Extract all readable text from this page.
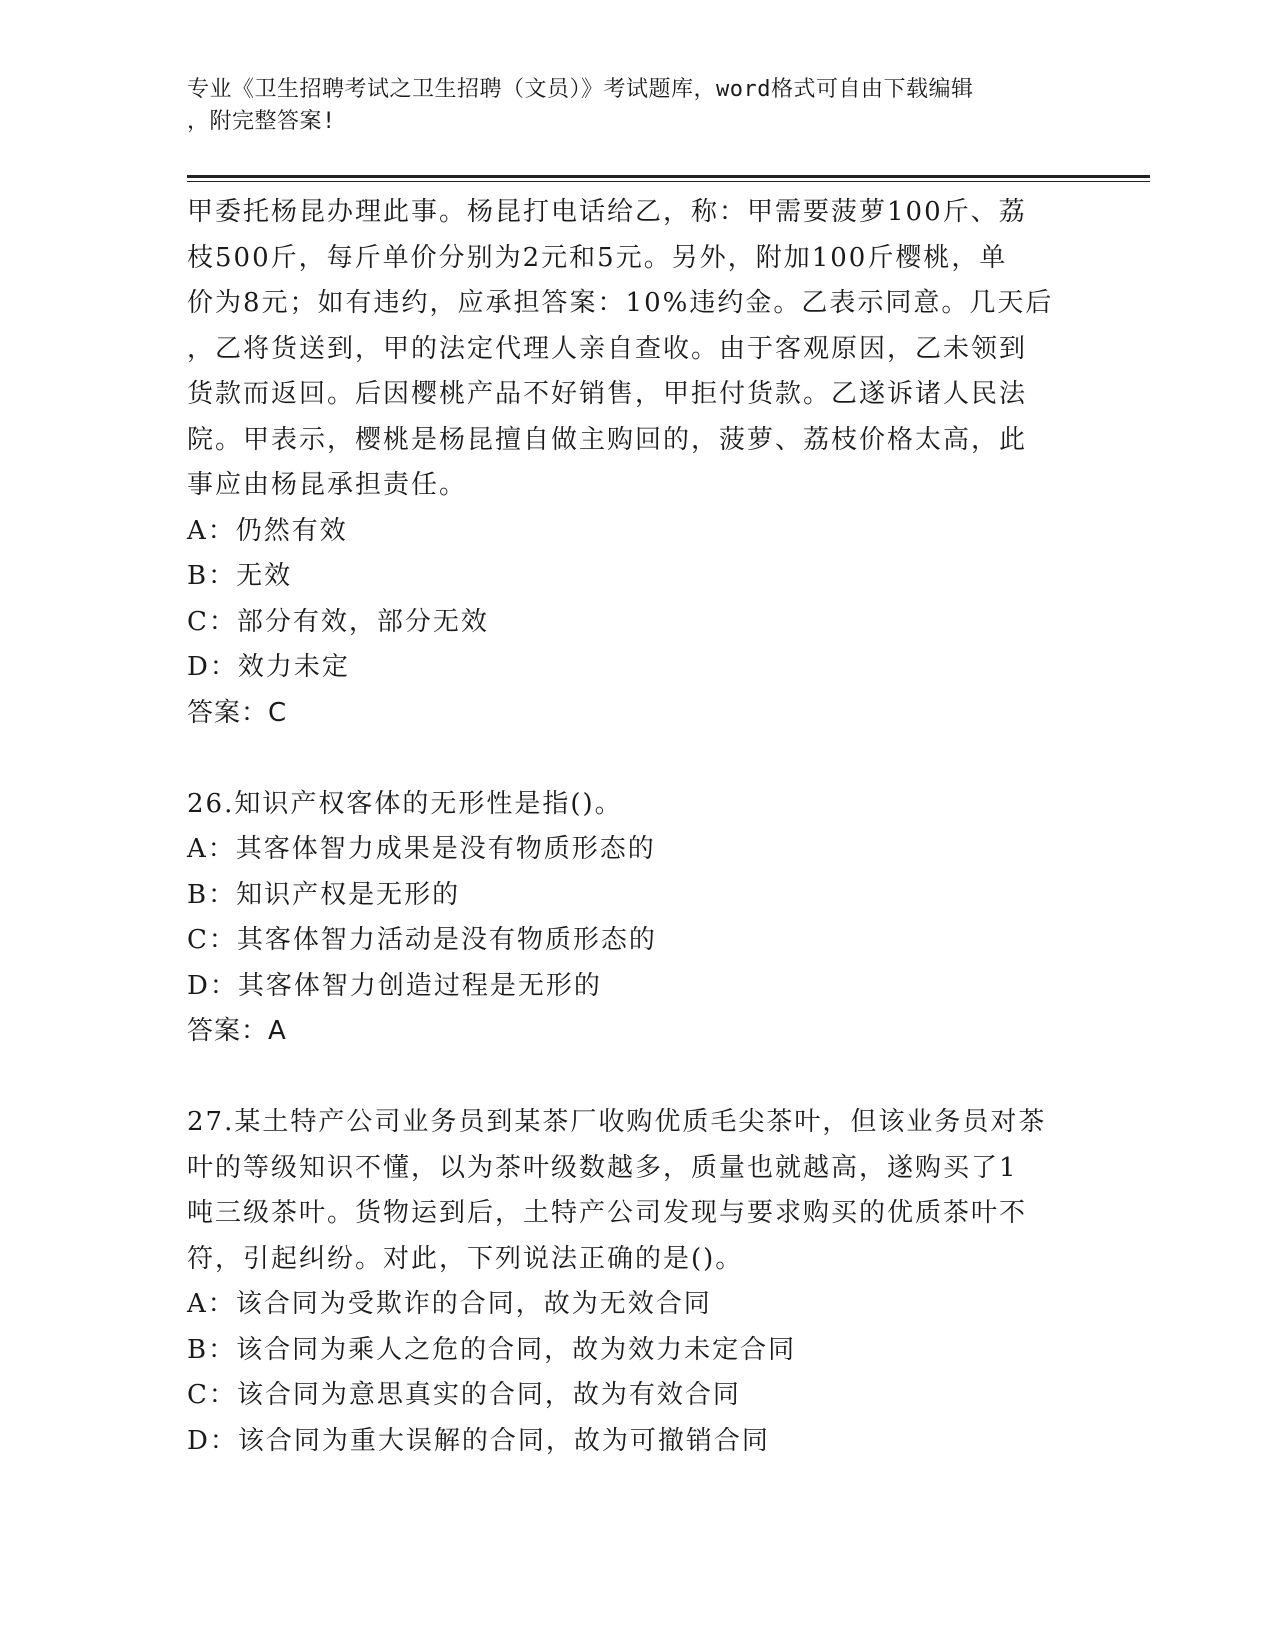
专业《卫生招聘考试之卫生招聘（文员）》考试题库，word格式可自由下载编辑
，附完整答案!
甲委托杨昆办理此事。杨昆打电话给乙，称：甲需要菠萝100斤、荔
枝500斤，每斤单价分别为2元和5元。另外，附加100斤樱桃，单
价为8元；如有违约，应承担答案：10%违约金。乙表示同意。几天后
，乙将货送到，甲的法定代理人亲自查收。由于客观原因，乙未领到
货款而返回。后因樱桃产品不好销售，甲拒付货款。乙遂诉诸人民法
院。甲表示，樱桃是杨昆擅自做主购回的，菠萝、荔枝价格太高，此
事应由杨昆承担责任。
A：仍然有效
B：无效
C：部分有效，部分无效
D：效力未定
答案：C
26.知识产权客体的无形性是指()。
A：其客体智力成果是没有物质形态的
B：知识产权是无形的
C：其客体智力活动是没有物质形态的
D：其客体智力创造过程是无形的
答案：A
27.某土特产公司业务员到某茶厂收购优质毛尖茶叶，但该业务员对茶
叶的等级知识不懂，以为茶叶级数越多，质量也就越高，遂购买了1
吨三级茶叶。货物运到后，土特产公司发现与要求购买的优质茶叶不
符，引起纠纷。对此，下列说法正确的是()。
A：该合同为受欺诈的合同，故为无效合同
B：该合同为乘人之危的合同，故为效力未定合同
C：该合同为意思真实的合同，故为有效合同
D：该合同为重大误解的合同，故为可撤销合同
